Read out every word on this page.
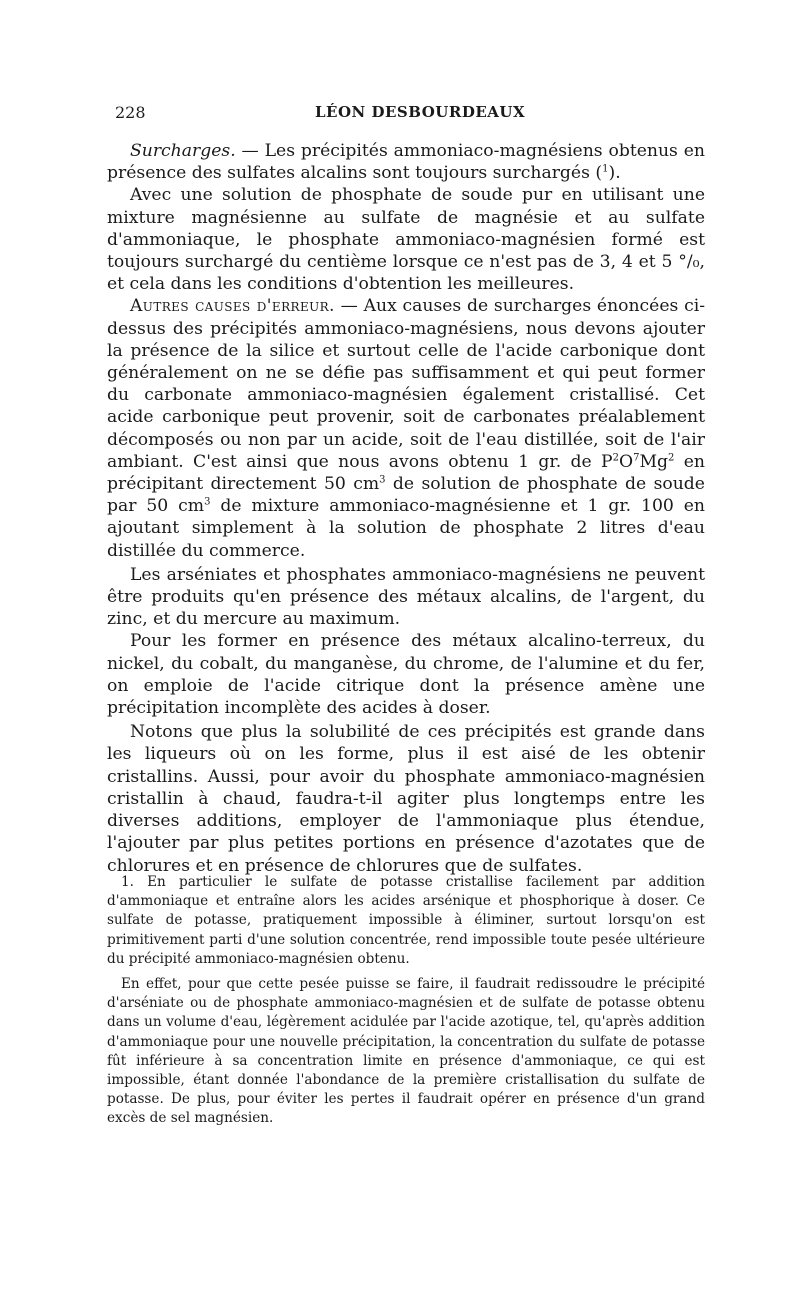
228	LÉON DESBOURDEAUX

Surcharges. — Les précipités ammoniaco-magnésiens obtenus en présence des sulfates alcalins sont toujours surchargés ($^1$).

Avec une solution de phosphate de soude pur en utilisant une mixture magnésienne au sulfate de magnésie et au sulfate d'ammoniaque, le phosphate ammoniaco-magnésien formé est toujours surchargé du centième lorsque ce n'est pas de 3, 4 et 5 °/₀, et cela dans les conditions d'obtention les meilleures.

Autres causes d'erreur. — Aux causes de surcharges énoncées ci-dessus des précipités ammoniaco-magnésiens, nous devons ajouter la présence de la silice et surtout celle de l'acide carbonique dont généralement on ne se défie pas suffisamment et qui peut former du carbonate ammoniaco-magnésien également cristallisé. Cet acide carbonique peut provenir, soit de carbonates préalablement décomposés ou non par un acide, soit de l'eau distillée, soit de l'air ambiant. C'est ainsi que nous avons obtenu 1 gr. de $P^2O^7Mg^2$ en précipitant directement 50 $cm^3$ de solution de phosphate de soude par 50 $cm^3$ de mixture ammoniaco-magnésienne et 1 gr. 100 en ajoutant simplement à la solution de phosphate 2 litres d'eau distillée du commerce.

Les arséniates et phosphates ammoniaco-magnésiens ne peuvent être produits qu'en présence des métaux alcalins, de l'argent, du zinc, et du mercure au maximum.

Pour les former en présence des métaux alcalino-terreux, du nickel, du cobalt, du manganèse, du chrome, de l'alumine et du fer, on emploie de l'acide citrique dont la présence amène une précipitation incomplète des acides à doser.

Notons que plus la solubilité de ces précipités est grande dans les liqueurs où on les forme, plus il est aisé de les obtenir cristallins. Aussi, pour avoir du phosphate ammoniaco-magnésien cristallin à chaud, faudra-t-il agiter plus longtemps entre les diverses additions, employer de l'ammoniaque plus étendue, l'ajouter par plus petites portions en présence d'azotates que de chlorures et en présence de chlorures que de sulfates.

1. En particulier le sulfate de potasse cristallise facilement par addition d'ammoniaque et entraîne alors les acides arsénique et phosphorique à doser. Ce sulfate de potasse, pratiquement impossible à éliminer, surtout lorsqu'on est primitivement parti d'une solution concentrée, rend impossible toute pesée ultérieure du précipité ammoniaco-magnésien obtenu.

En effet, pour que cette pesée puisse se faire, il faudrait redissoudre le précipité d'arséniate ou de phosphate ammoniaco-magnésien et de sulfate de potasse obtenu dans un volume d'eau, légèrement acidulée par l'acide azotique, tel, qu'après addition d'ammoniaque pour une nouvelle précipitation, la concentration du sulfate de potasse fût inférieure à sa concentration limite en présence d'ammoniaque, ce qui est impossible, étant donnée l'abondance de la première cristallisation du sulfate de potasse. De plus, pour éviter les pertes il faudrait opérer en présence d'un grand excès de sel magnésien.
